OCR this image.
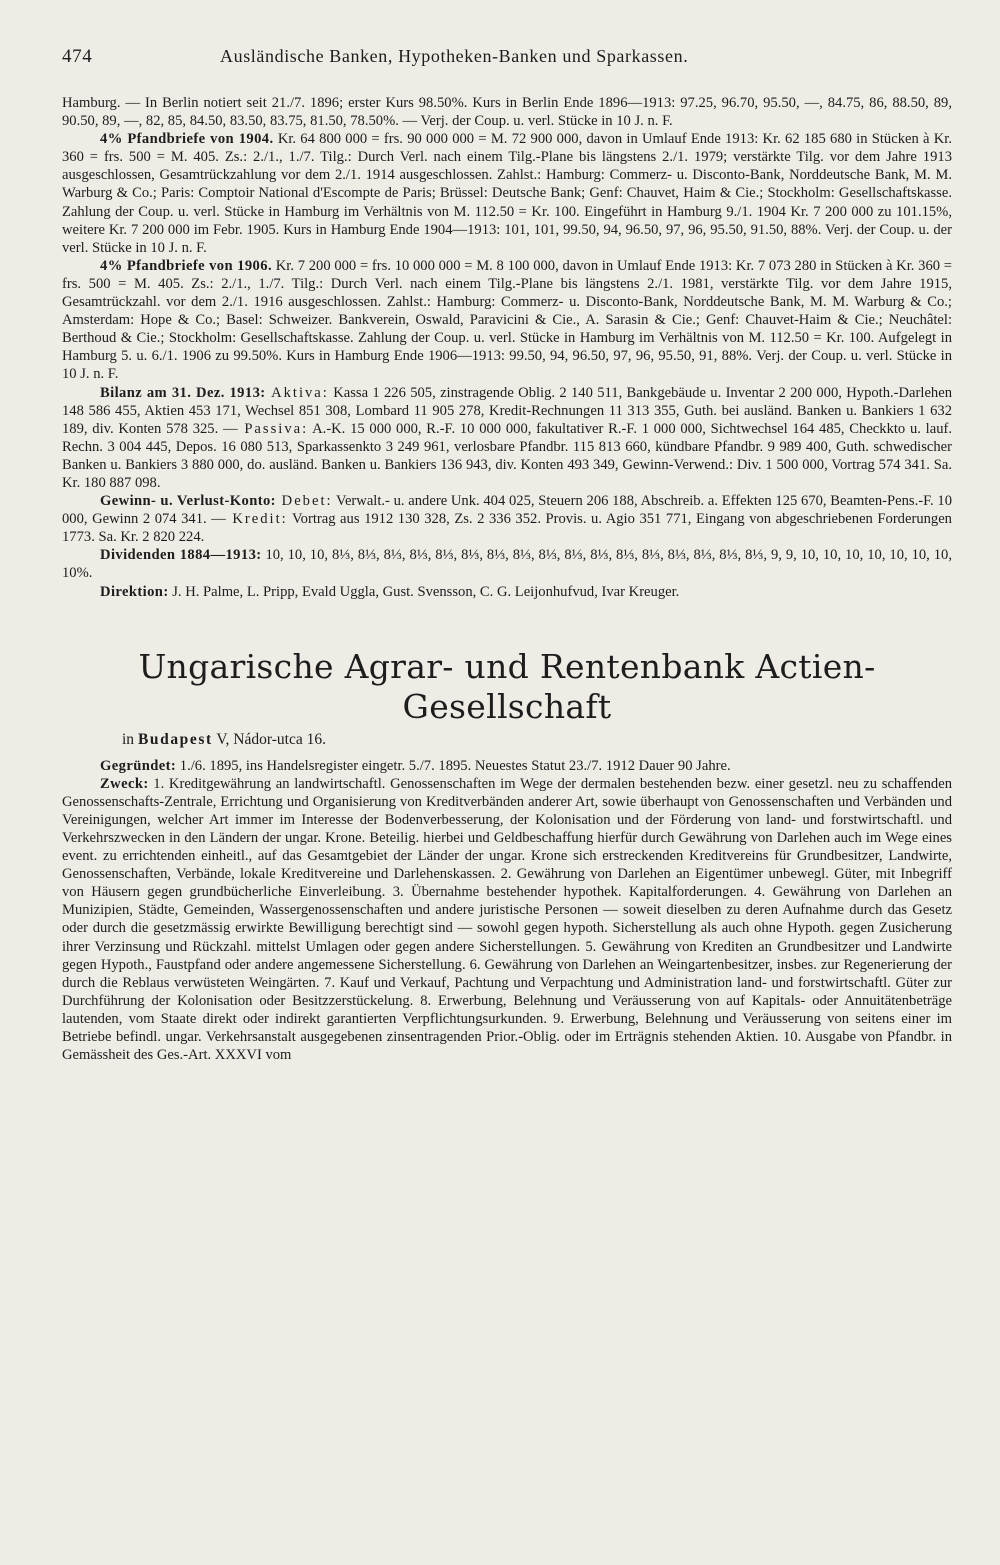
474	Ausländische Banken, Hypotheken-Banken und Sparkassen.

Hamburg. — In Berlin notiert seit 21./7. 1896; erster Kurs 98.50%. Kurs in Berlin Ende 1896—1913: 97.25, 96.70, 95.50, —, 84.75, 86, 88.50, 89, 90.50, 89, —, 82, 85, 84.50, 83.50, 83.75, 81.50, 78.50%. — Verj. der Coup. u. verl. Stücke in 10 J. n. F.

4% Pfandbriefe von 1904. Kr. 64 800 000 = frs. 90 000 000 = M. 72 900 000, davon in Umlauf Ende 1913: Kr. 62 185 680 in Stücken à Kr. 360 = frs. 500 = M. 405. Zs.: 2./1., 1./7. Tilg.: Durch Verl. nach einem Tilg.-Plane bis längstens 2./1. 1979; verstärkte Tilg. vor dem Jahre 1913 ausgeschlossen, Gesamtrückzahlung vor dem 2./1. 1914 ausgeschlossen. Zahlst.: Hamburg: Commerz- u. Disconto-Bank, Norddeutsche Bank, M. M. Warburg & Co.; Paris: Comptoir National d'Escompte de Paris; Brüssel: Deutsche Bank; Genf: Chauvet, Haim & Cie.; Stockholm: Gesellschaftskasse. Zahlung der Coup. u. verl. Stücke in Hamburg im Verhältnis von M. 112.50 = Kr. 100. Eingeführt in Hamburg 9./1. 1904 Kr. 7 200 000 zu 101.15%, weitere Kr. 7 200 000 im Febr. 1905. Kurs in Hamburg Ende 1904—1913: 101, 101, 99.50, 94, 96.50, 97, 96, 95.50, 91.50, 88%. Verj. der Coup. u. der verl. Stücke in 10 J. n. F.

4% Pfandbriefe von 1906. Kr. 7 200 000 = frs. 10 000 000 = M. 8 100 000, davon in Umlauf Ende 1913: Kr. 7 073 280 in Stücken à Kr. 360 = frs. 500 = M. 405. Zs.: 2./1., 1./7. Tilg.: Durch Verl. nach einem Tilg.-Plane bis längstens 2./1. 1981, verstärkte Tilg. vor dem Jahre 1915, Gesamtrückzahl. vor dem 2./1. 1916 ausgeschlossen. Zahlst.: Hamburg: Commerz- u. Disconto-Bank, Norddeutsche Bank, M. M. Warburg & Co.; Amsterdam: Hope & Co.; Basel: Schweizer. Bankverein, Oswald, Paravicini & Cie., A. Sarasin & Cie.; Genf: Chauvet-Haim & Cie.; Neuchâtel: Berthoud & Cie.; Stockholm: Gesellschaftskasse. Zahlung der Coup. u. verl. Stücke in Hamburg im Verhältnis von M. 112.50 = Kr. 100. Aufgelegt in Hamburg 5. u. 6./1. 1906 zu 99.50%. Kurs in Hamburg Ende 1906—1913: 99.50, 94, 96.50, 97, 96, 95.50, 91, 88%. Verj. der Coup. u. verl. Stücke in 10 J. n. F.

Bilanz am 31. Dez. 1913: Aktiva: Kassa 1 226 505, zinstragende Oblig. 2 140 511, Bankgebäude u. Inventar 2 200 000, Hypoth.-Darlehen 148 586 455, Aktien 453 171, Wechsel 851 308, Lombard 11 905 278, Kredit-Rechnungen 11 313 355, Guth. bei ausländ. Banken u. Bankiers 1 632 189, div. Konten 578 325. — Passiva: A.-K. 15 000 000, R.-F. 10 000 000, fakultativer R.-F. 1 000 000, Sichtwechsel 164 485, Checkkto u. lauf. Rechn. 3 004 445, Depos. 16 080 513, Sparkassenkto 3 249 961, verlosbare Pfandbr. 115 813 660, kündbare Pfandbr. 9 989 400, Guth. schwedischer Banken u. Bankiers 3 880 000, do. ausländ. Banken u. Bankiers 136 943, div. Konten 493 349, Gewinn-Verwend.: Div. 1 500 000, Vortrag 574 341. Sa. Kr. 180 887 098.

Gewinn- u. Verlust-Konto: Debet: Verwalt.- u. andere Unk. 404 025, Steuern 206 188, Abschreib. a. Effekten 125 670, Beamten-Pens.-F. 10 000, Gewinn 2 074 341. — Kredit: Vortrag aus 1912 130 328, Zs. 2 336 352. Provis. u. Agio 351 771, Eingang von abgeschriebenen Forderungen 1773. Sa. Kr. 2 820 224.

Dividenden 1884—1913: 10, 10, 10, 8⅓, 8⅓, 8⅓, 8⅓, 8⅓, 8⅓, 8⅓, 8⅓, 8⅓, 8⅓, 8⅓, 8⅓, 8⅓, 8⅓, 8⅓, 8⅓, 8⅓, 9, 9, 10, 10, 10, 10, 10, 10, 10, 10%.

Direktion: J. H. Palme, L. Pripp, Evald Uggla, Gust. Svensson, C. G. Leijonhufvud, Ivar Kreuger.

Ungarische Agrar- und Rentenbank Actien-Gesellschaft
in Budapest V, Nádor-utca 16.

Gegründet: 1./6. 1895, ins Handelsregister eingetr. 5./7. 1895. Neuestes Statut 23./7. 1912 Dauer 90 Jahre.

Zweck: 1. Kreditgewährung an landwirtschaftl. Genossenschaften im Wege der dermalen bestehenden bezw. einer gesetzl. neu zu schaffenden Genossenschafts-Zentrale, Errichtung und Organisierung von Kreditverbänden anderer Art, sowie überhaupt von Genossenschaften und Verbänden und Vereinigungen, welcher Art immer im Interesse der Bodenverbesserung, der Kolonisation und der Förderung von land- und forstwirtschaftl. und Verkehrszwecken in den Ländern der ungar. Krone. Beteilig. hierbei und Geldbeschaffung hierfür durch Gewährung von Darlehen auch im Wege eines event. zu errichtenden einheitl., auf das Gesamtgebiet der Länder der ungar. Krone sich erstreckenden Kreditvereins für Grundbesitzer, Landwirte, Genossenschaften, Verbände, lokale Kreditvereine und Darlehenskassen. 2. Gewährung von Darlehen an Eigentümer unbewegl. Güter, mit Inbegriff von Häusern gegen grundbücherliche Einverleibung. 3. Übernahme bestehender hypothek. Kapitalforderungen. 4. Gewährung von Darlehen an Munizipien, Städte, Gemeinden, Wassergenossenschaften und andere juristische Personen — soweit dieselben zu deren Aufnahme durch das Gesetz oder durch die gesetzmässig erwirkte Bewilligung berechtigt sind — sowohl gegen hypoth. Sicherstellung als auch ohne Hypoth. gegen Zusicherung ihrer Verzinsung und Rückzahl. mittelst Umlagen oder gegen andere Sicherstellungen. 5. Gewährung von Krediten an Grundbesitzer und Landwirte gegen Hypoth., Faustpfand oder andere angemessene Sicherstellung. 6. Gewährung von Darlehen an Weingartenbesitzer, insbes. zur Regenerierung der durch die Reblaus verwüsteten Weingärten. 7. Kauf und Verkauf, Pachtung und Verpachtung und Administration land- und forstwirtschaftl. Güter zur Durchführung der Kolonisation oder Besitzzerstückelung. 8. Erwerbung, Belehnung und Veräusserung von auf Kapitals- oder Annuitätenbeträge lautenden, vom Staate direkt oder indirekt garantierten Verpflichtungsurkunden. 9. Erwerbung, Belehnung und Veräusserung von seitens einer im Betriebe befindl. ungar. Verkehrsanstalt ausgegebenen zinsentragenden Prior.-Oblig. oder im Erträgnis stehenden Aktien. 10. Ausgabe von Pfandbr. in Gemässheit des Ges.-Art. XXXVI vom
